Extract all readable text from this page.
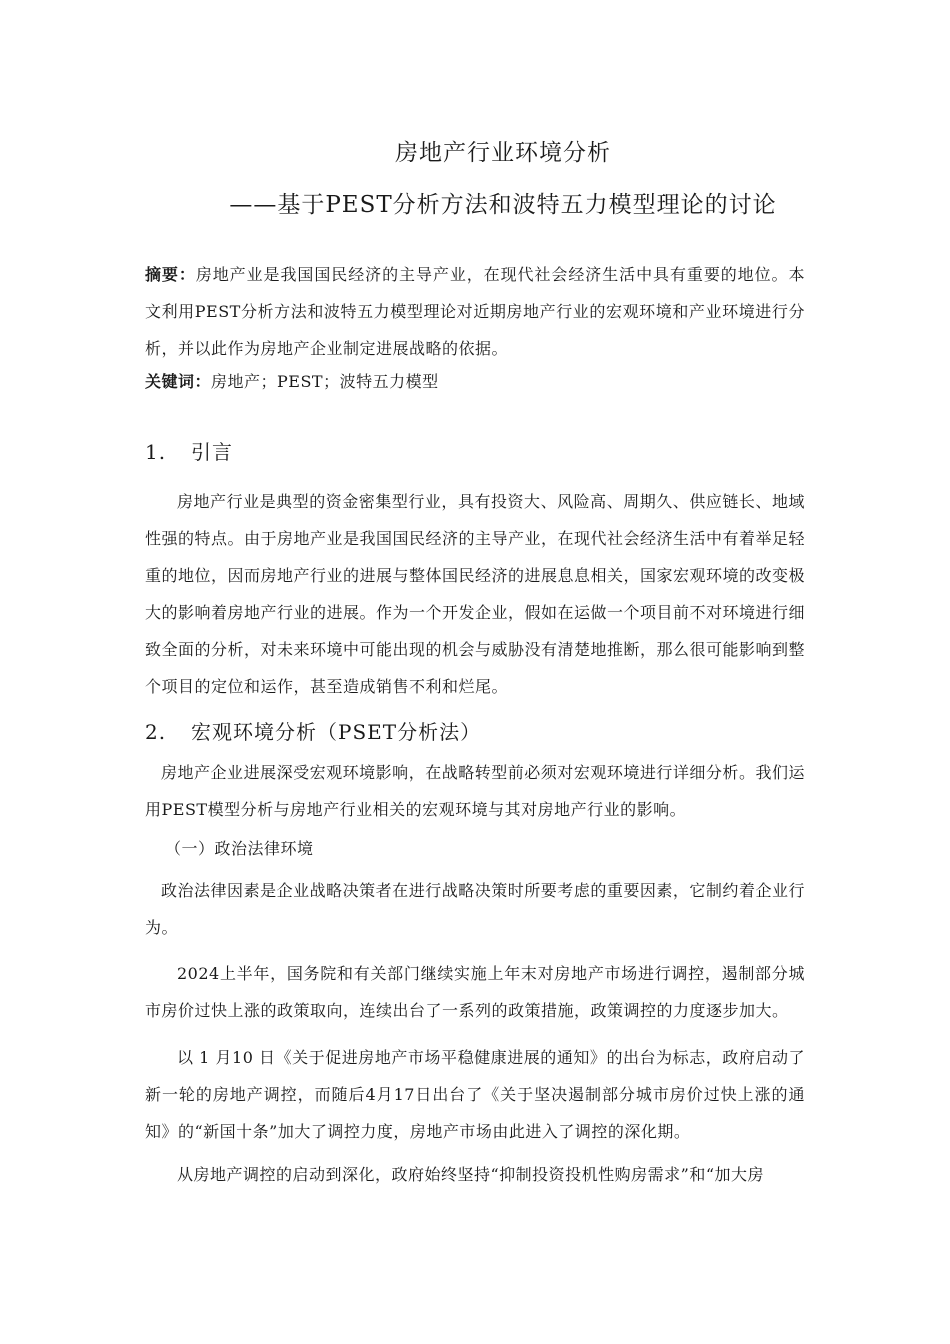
房地产行业环境分析
——基于PEST分析方法和波特五力模型理论的讨论
摘要：房地产业是我国国民经济的主导产业，在现代社会经济生活中具有重要的地位。本文利用PEST分析方法和波特五力模型理论对近期房地产行业的宏观环境和产业环境进行分析，并以此作为房地产企业制定进展战略的依据。
关键词：房地产；PEST；波特五力模型
1. 引言
房地产行业是典型的资金密集型行业，具有投资大、风险高、周期久、供应链长、地域性强的特点。由于房地产业是我国国民经济的主导产业，在现代社会经济生活中有着举足轻重的地位，因而房地产行业的进展与整体国民经济的进展息息相关，国家宏观环境的改变极大的影响着房地产行业的进展。作为一个开发企业，假如在运做一个项目前不对环境进行细致全面的分析，对未来环境中可能出现的机会与威胁没有清楚地推断，那么很可能影响到整个项目的定位和运作，甚至造成销售不利和烂尾。
2. 宏观环境分析（PSET分析法）
房地产企业进展深受宏观环境影响，在战略转型前必须对宏观环境进行详细分析。我们运用PEST模型分析与房地产行业相关的宏观环境与其对房地产行业的影响。
（一）政治法律环境
政治法律因素是企业战略决策者在进行战略决策时所要考虑的重要因素，它制约着企业行为。
2024上半年，国务院和有关部门继续实施上年末对房地产市场进行调控，遏制部分城市房价过快上涨的政策取向，连续出台了一系列的政策措施，政策调控的力度逐步加大。
以 1 月10 日《关于促进房地产市场平稳健康进展的通知》的出台为标志，政府启动了新一轮的房地产调控，而随后4月17日出台了《关于坚决遏制部分城市房价过快上涨的通知》的“新国十条”加大了调控力度，房地产市场由此进入了调控的深化期。
从房地产调控的启动到深化，政府始终坚持“抑制投资投机性购房需求”和“加大房
